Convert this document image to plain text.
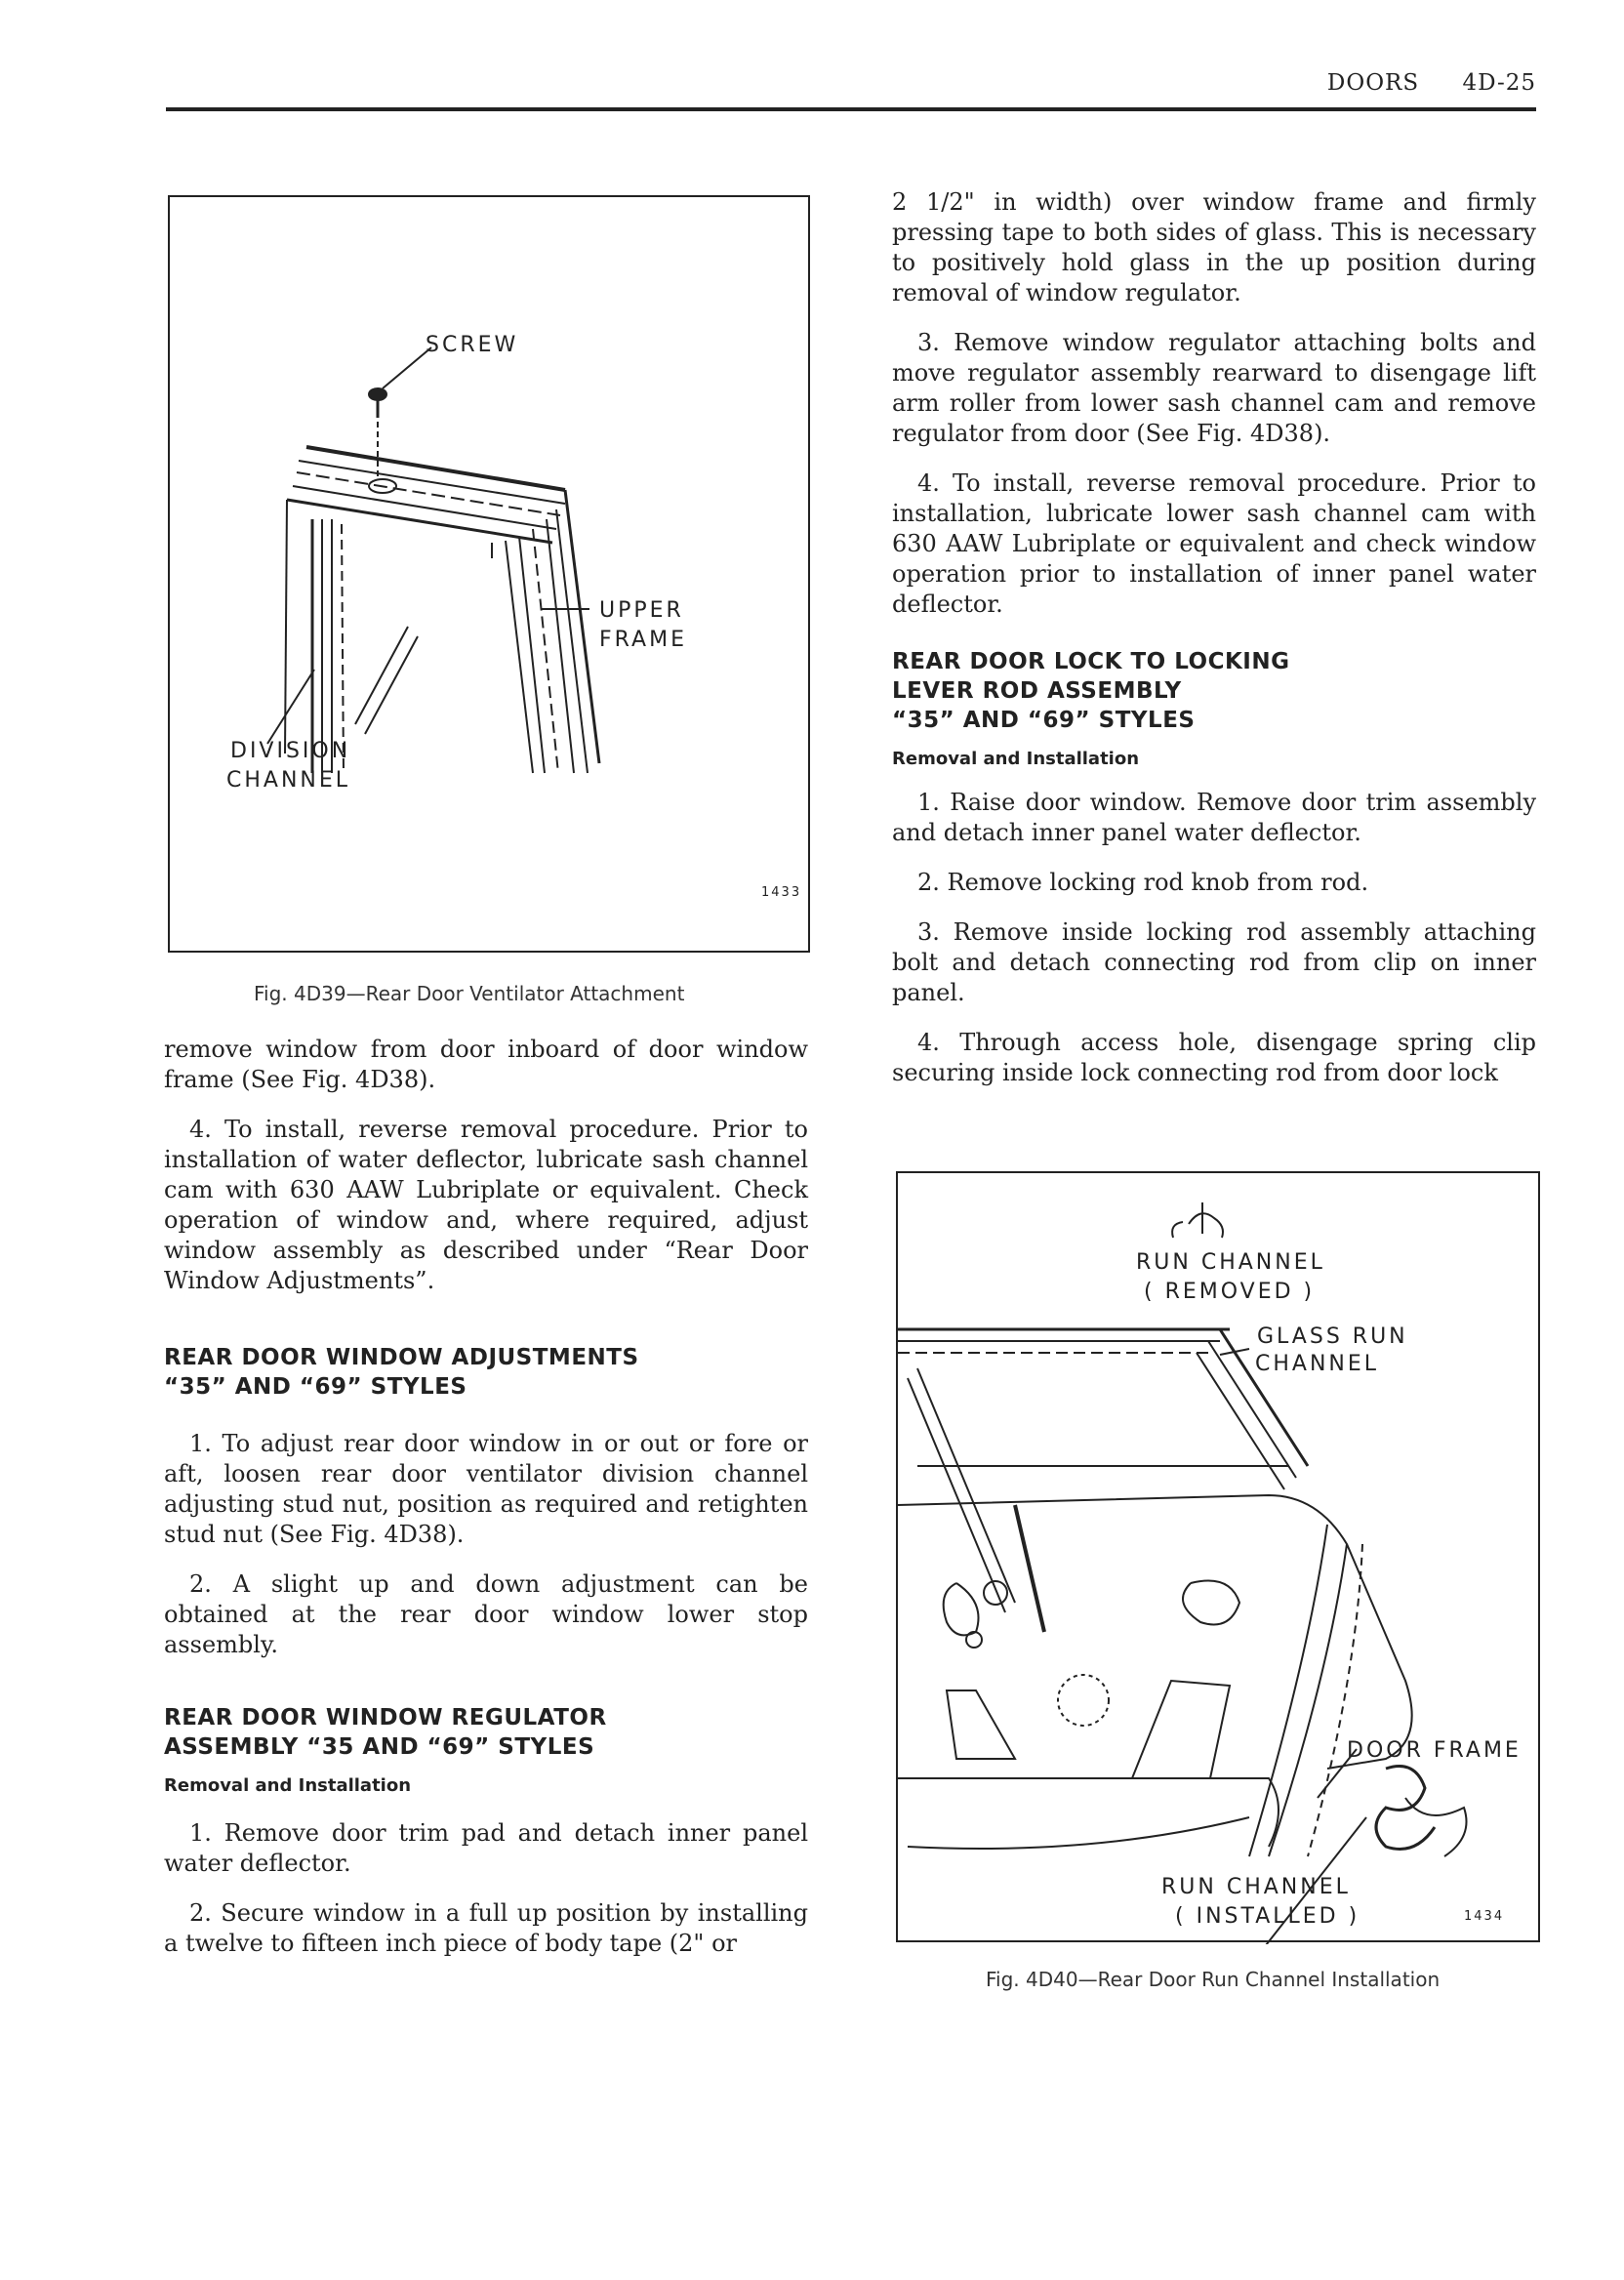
DOORS 4D-25
SCREW
UPPER
FRAME
DIVISION
CHANNEL
1433
Fig. 4D39—Rear Door Ventilator Attachment

remove window from door inboard of door window frame (See Fig. 4D38).

4. To install, reverse removal procedure. Prior to installation of water deflector, lubricate sash channel cam with 630 AAW Lubriplate or equivalent. Check operation of window and, where required, adjust window assembly as described under “Rear Door Window Adjustments”.

REAR DOOR WINDOW ADJUSTMENTS
“35” AND “69” STYLES

1. To adjust rear door window in or out or fore or aft, loosen rear door ventilator division channel adjusting stud nut, position as required and retighten stud nut (See Fig. 4D38).

2. A slight up and down adjustment can be obtained at the rear door window lower stop assembly.

REAR DOOR WINDOW REGULATOR
ASSEMBLY “35 AND “69” STYLES
Removal and Installation

1. Remove door trim pad and detach inner panel water deflector.

2. Secure window in a full up position by installing a twelve to fifteen inch piece of body tape (2" or

2 1/2" in width) over window frame and firmly pressing tape to both sides of glass. This is necessary to positively hold glass in the up position during removal of window regulator.

3. Remove window regulator attaching bolts and move regulator assembly rearward to disengage lift arm roller from lower sash channel cam and remove regulator from door (See Fig. 4D38).

4. To install, reverse removal procedure. Prior to installation, lubricate lower sash channel cam with 630 AAW Lubriplate or equivalent and check window operation prior to installation of inner panel water deflector.

REAR DOOR LOCK TO LOCKING
LEVER ROD ASSEMBLY
“35” AND “69” STYLES
Removal and Installation

1. Raise door window. Remove door trim assembly and detach inner panel water deflector.

2. Remove locking rod knob from rod.

3. Remove inside locking rod assembly attaching bolt and detach connecting rod from clip on inner panel.

4. Through access hole, disengage spring clip securing inside lock connecting rod from door lock

RUN CHANNEL
( REMOVED )
GLASS RUN
CHANNEL
DOOR FRAME
RUN CHANNEL
( INSTALLED )	1434
Fig. 4D40—Rear Door Run Channel Installation
